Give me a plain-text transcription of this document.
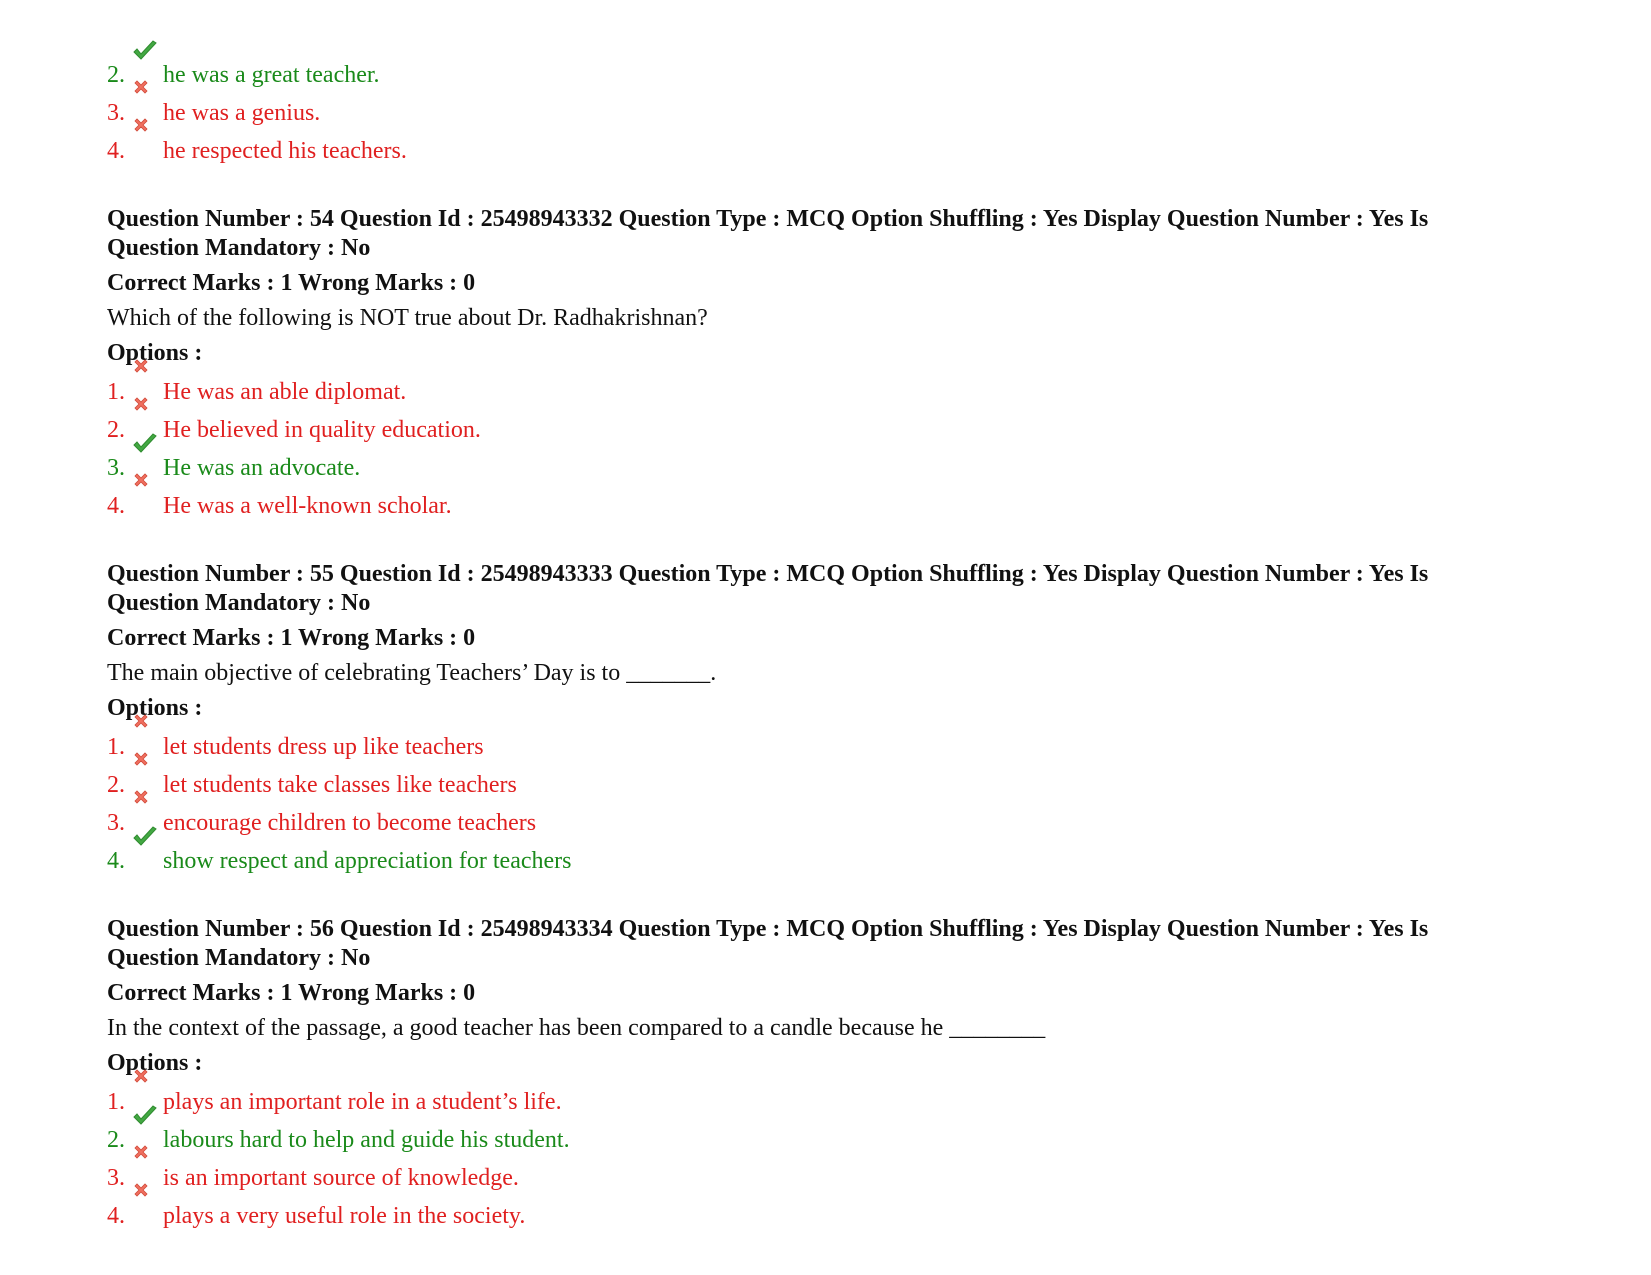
2. he was a great teacher.
3. he was a genius.
4. he respected his teachers.
Question Number : 54 Question Id : 25498943332 Question Type : MCQ Option Shuffling : Yes Display Question Number : Yes Is
Question Mandatory : No
Correct Marks : 1 Wrong Marks : 0
Which of the following is NOT true about Dr. Radhakrishnan?
Options :
1. He was an able diplomat.
2. He believed in quality education.
3. He was an advocate.
4. He was a well-known scholar.
Question Number : 55 Question Id : 25498943333 Question Type : MCQ Option Shuffling : Yes Display Question Number : Yes Is
Question Mandatory : No
Correct Marks : 1 Wrong Marks : 0
The main objective of celebrating Teachers’ Day is to _______.
Options :
1. let students dress up like teachers
2. let students take classes like teachers
3. encourage children to become teachers
4. show respect and appreciation for teachers
Question Number : 56 Question Id : 25498943334 Question Type : MCQ Option Shuffling : Yes Display Question Number : Yes Is
Question Mandatory : No
Correct Marks : 1 Wrong Marks : 0
In the context of the passage, a good teacher has been compared to a candle because he ________
Options :
1. plays an important role in a student’s life.
2. labours hard to help and guide his student.
3. is an important source of knowledge.
4. plays a very useful role in the society.
